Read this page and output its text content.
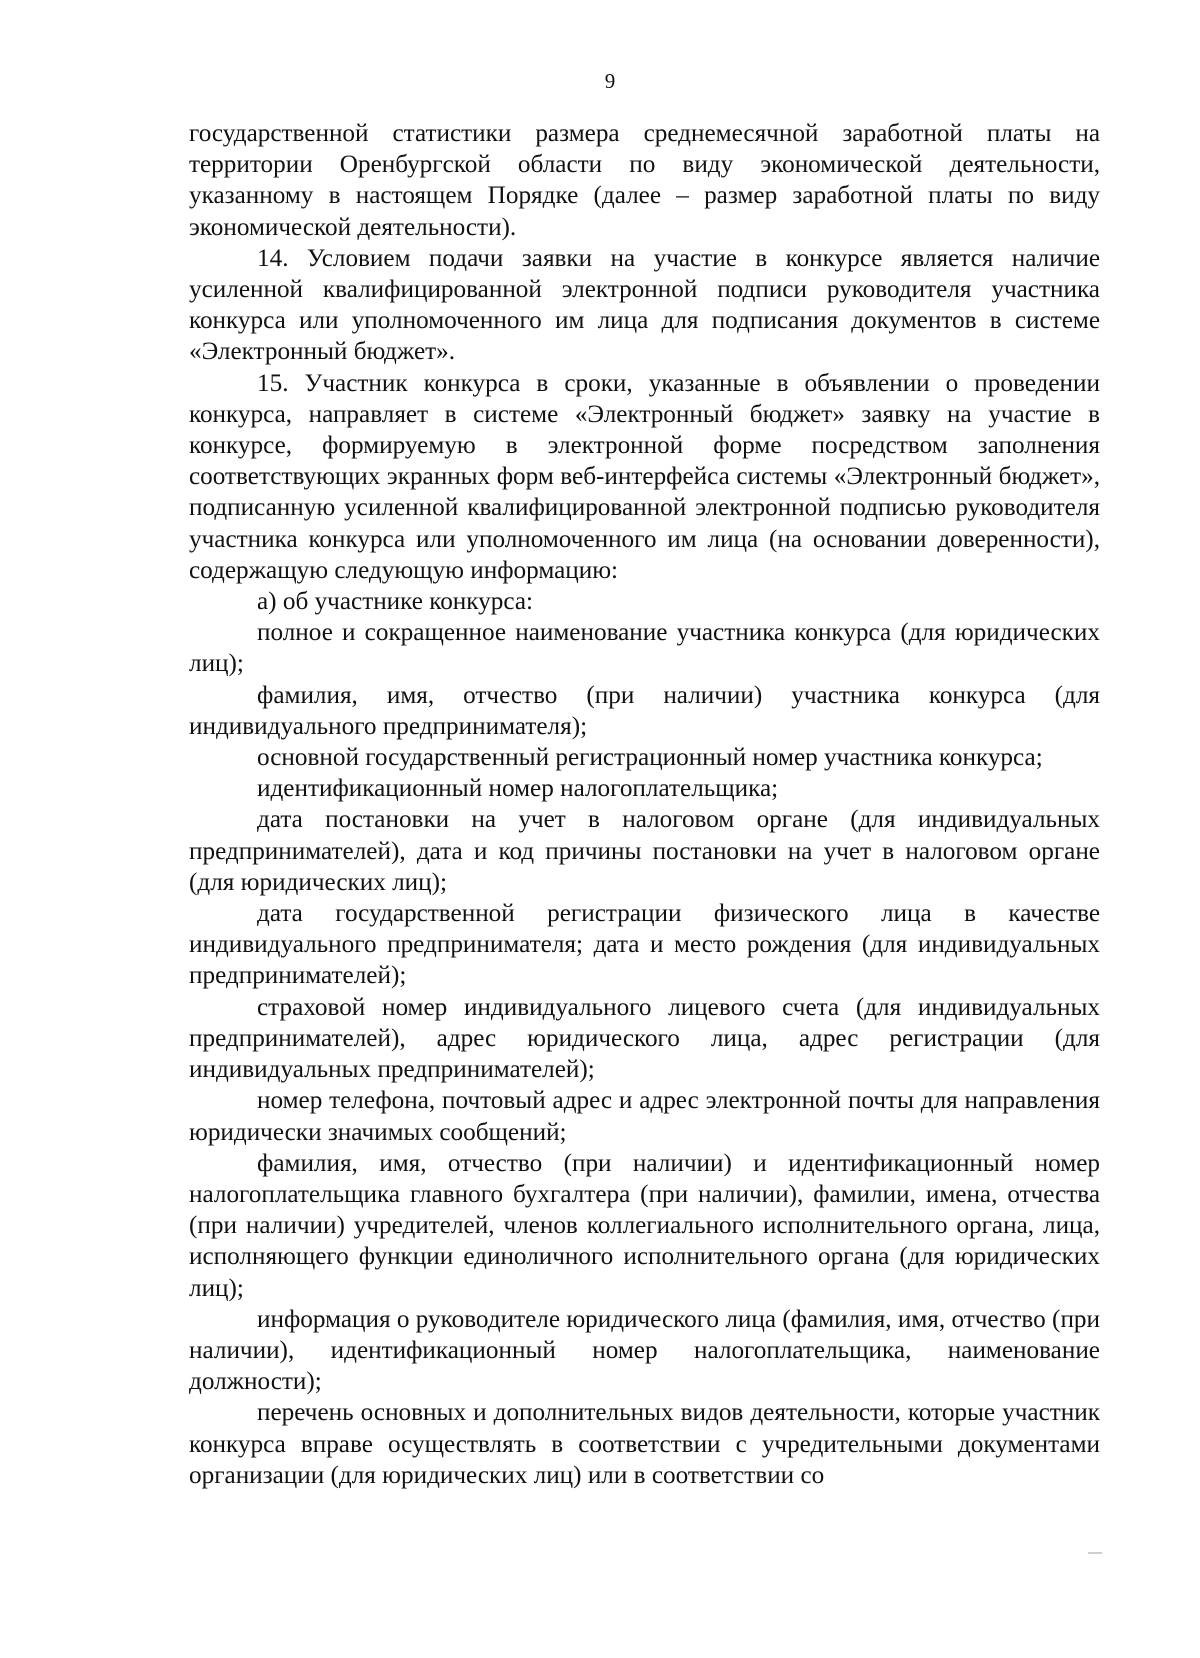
9

государственной статистики размера среднемесячной заработной платы на территории Оренбургской области по виду экономической деятельности, указанному в настоящем Порядке (далее – размер заработной платы по виду экономической деятельности).

14. Условием подачи заявки на участие в конкурсе является наличие усиленной квалифицированной электронной подписи руководителя участника конкурса или уполномоченного им лица для подписания документов в системе «Электронный бюджет».

15. Участник конкурса в сроки, указанные в объявлении о проведении конкурса, направляет в системе «Электронный бюджет» заявку на участие в конкурсе, формируемую в электронной форме посредством заполнения соответствующих экранных форм веб-интерфейса системы «Электронный бюджет», подписанную усиленной квалифицированной электронной подписью руководителя участника конкурса или уполномоченного им лица (на основании доверенности), содержащую следующую информацию:

а) об участнике конкурса:

полное и сокращенное наименование участника конкурса (для юридических лиц);

фамилия, имя, отчество (при наличии) участника конкурса (для индивидуального предпринимателя);

основной государственный регистрационный номер участника конкурса;

идентификационный номер налогоплательщика;

дата постановки на учет в налоговом органе (для индивидуальных предпринимателей), дата и код причины постановки на учет в налоговом органе (для юридических лиц);

дата государственной регистрации физического лица в качестве индивидуального предпринимателя; дата и место рождения (для индивидуальных предпринимателей);

страховой номер индивидуального лицевого счета (для индивидуальных предпринимателей), адрес юридического лица, адрес регистрации (для индивидуальных предпринимателей);

номер телефона, почтовый адрес и адрес электронной почты для направления юридически значимых сообщений;

фамилия, имя, отчество (при наличии) и идентификационный номер налогоплательщика главного бухгалтера (при наличии), фамилии, имена, отчества (при наличии) учредителей, членов коллегиального исполнительного органа, лица, исполняющего функции единоличного исполнительного органа (для юридических лиц);

информация о руководителе юридического лица (фамилия, имя, отчество (при наличии), идентификационный номер налогоплательщика, наименование должности);

перечень основных и дополнительных видов деятельности, которые участник конкурса вправе осуществлять в соответствии с учредительными документами организации (для юридических лиц) или в соответствии со
